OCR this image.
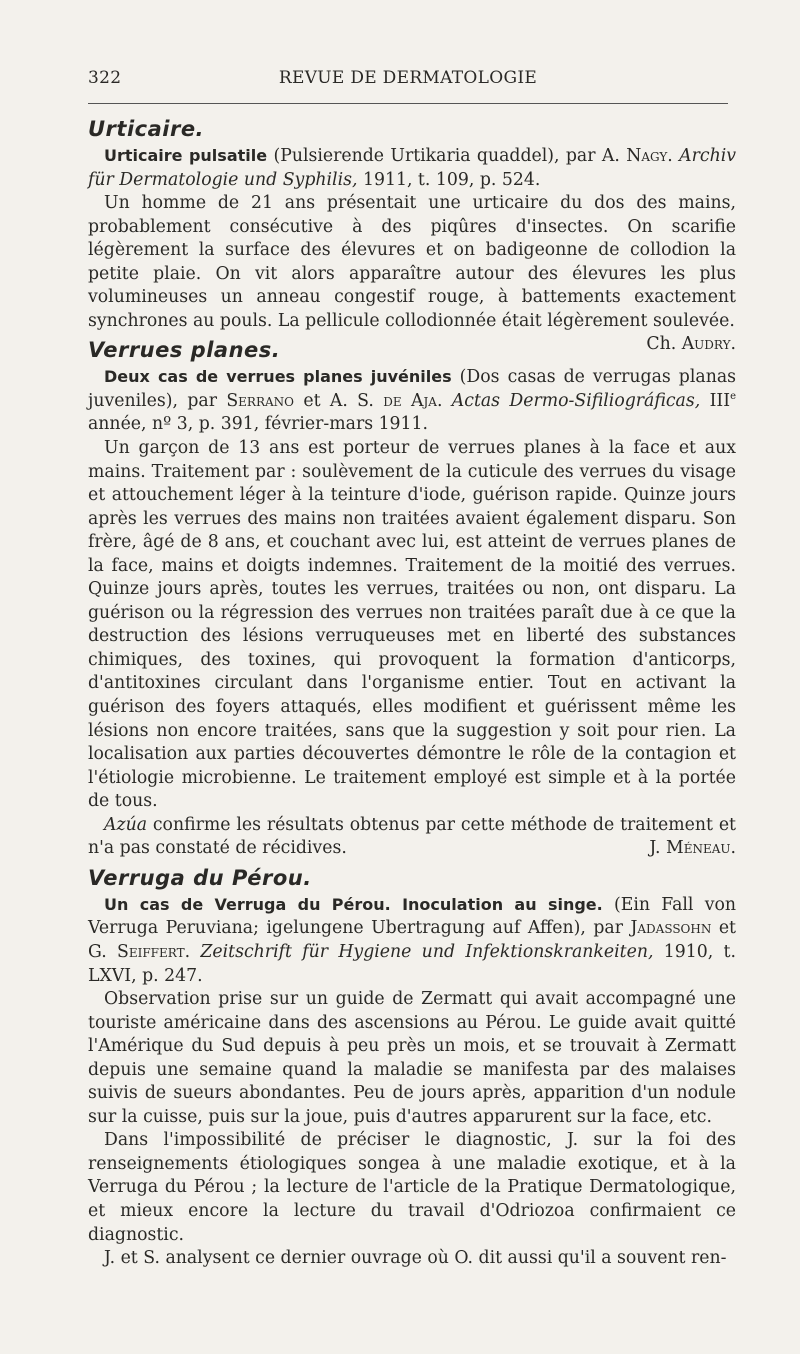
322	REVUE DE DERMATOLOGIE
Urticaire.

Urticaire pulsatile (Pulsierende Urtikaria quaddel), par A. Nagy. Archiv für Dermatologie und Syphilis, 1911, t. 109, p. 524.

Un homme de 21 ans présentait une urticaire du dos des mains, probablement consécutive à des piqûres d'insectes. On scarifie légèrement la surface des élevures et on badigeonne de collodion la petite plaie. On vit alors apparaître autour des élevures les plus volumineuses un anneau congestif rouge, à battements exactement synchrones au pouls. La pellicule collodionnée était légèrement soulevée.
Ch. Audry.

Verrues planes.

Deux cas de verrues planes juvéniles (Dos casas de verrugas planas juveniles), par Serrano et A. S. de Aja. Actas Dermo-Sifiliográficas, IIIe année, nº 3, p. 391, février-mars 1911.

Un garçon de 13 ans est porteur de verrues planes à la face et aux mains. Traitement par : soulèvement de la cuticule des verrues du visage et attouchement léger à la teinture d'iode, guérison rapide. Quinze jours après les verrues des mains non traitées avaient également disparu. Son frère, âgé de 8 ans, et couchant avec lui, est atteint de verrues planes de la face, mains et doigts indemnes. Traitement de la moitié des verrues. Quinze jours après, toutes les verrues, traitées ou non, ont disparu. La guérison ou la régression des verrues non traitées paraît due à ce que la destruction des lésions verruqueuses met en liberté des substances chimiques, des toxines, qui provoquent la formation d'anticorps, d'antitoxines circulant dans l'organisme entier. Tout en activant la guérison des foyers attaqués, elles modifient et guérissent même les lésions non encore traitées, sans que la suggestion y soit pour rien. La localisation aux parties découvertes démontre le rôle de la contagion et l'étiologie microbienne. Le traitement employé est simple et à la portée de tous.

Azúa confirme les résultats obtenus par cette méthode de traitement et n'a pas constaté de récidives.	J. Méneau.

Verruga du Pérou.

Un cas de Verruga du Pérou. Inoculation au singe. (Ein Fall von Verruga Peruviana; igelungene Ubertragung auf Affen), par Jadassohn et G. Seiffert. Zeitschrift für Hygiene und Infektionskrankeiten, 1910, t. LXVI, p. 247.

Observation prise sur un guide de Zermatt qui avait accompagné une touriste américaine dans des ascensions au Pérou. Le guide avait quitté l'Amérique du Sud depuis à peu près un mois, et se trouvait à Zermatt depuis une semaine quand la maladie se manifesta par des malaises suivis de sueurs abondantes. Peu de jours après, apparition d'un nodule sur la cuisse, puis sur la joue, puis d'autres apparurent sur la face, etc.

Dans l'impossibilité de préciser le diagnostic, J. sur la foi des renseignements étiologiques songea à une maladie exotique, et à la Verruga du Pérou ; la lecture de l'article de la Pratique Dermatologique, et mieux encore la lecture du travail d'Odriozoa confirmaient ce diagnostic.

J. et S. analysent ce dernier ouvrage où O. dit aussi qu'il a souvent ren-
